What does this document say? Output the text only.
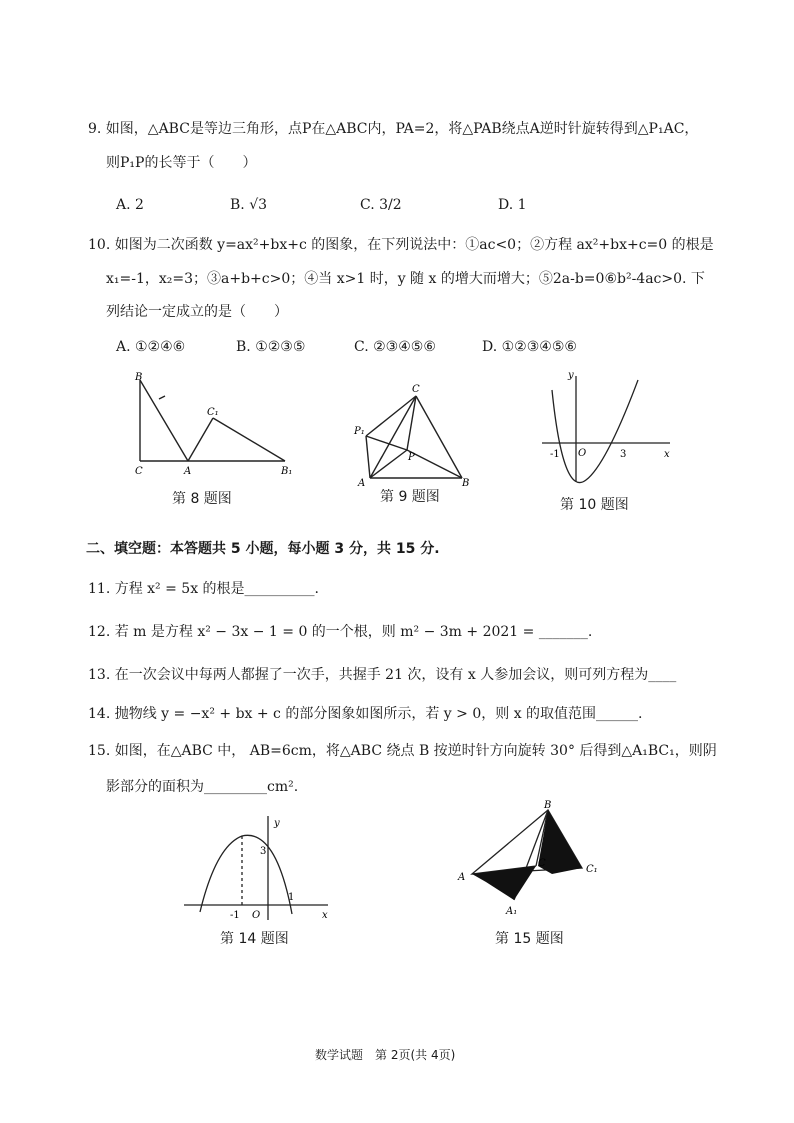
9. 如图，△ABC是等边三角形，点P在△ABC内，PA=2，将△PAB绕点A逆时针旋转得到△P₁AC，
则P₁P的长等于（　　）
A. 2	B. √3	C. 3/2	D. 1
10. 如图为二次函数 y=ax²+bx+c 的图象，在下列说法中：①ac<0；②方程 ax²+bx+c=0 的根是
x₁=-1，x₂=3；③a+b+c>0；④当 x>1 时，y 随 x 的增大而增大；⑤2a-b=0⑥b²-4ac>0. 下
列结论一定成立的是（　　）
A. ①②④⑥	B. ①②③⑤	C. ②③④⑤⑥	D. ①②③④⑤⑥
B
C₁
C	A	B₁
第 8 题图
C
P₁
P
A	B
第 9 题图
y
-1 O	3	x
第 10 题图
二、填空题：本答题共 5 小题，每小题 3 分，共 15 分.
11. 方程 x² = 5x 的根是__________.
12. 若 m 是方程 x² − 3x − 1 = 0 的一个根，则 m² − 3m + 2021 = _______.
13. 在一次会议中每两人都握了一次手，共握手 21 次，设有 x 人参加会议，则可列方程为____
14. 抛物线 y = −x² + bx + c 的部分图象如图所示，若 y > 0，则 x 的取值范围______.
15. 如图，在△ABC 中， AB=6cm，将△ABC 绕点 B 按逆时针方向旋转 30° 后得到△A₁BC₁，则阴
影部分的面积为_________cm².
y
3
-1 O
1
x
第 14 题图
B
A
C
C₁
A₁
第 15 题图
数学试题　第 2页(共 4页)
